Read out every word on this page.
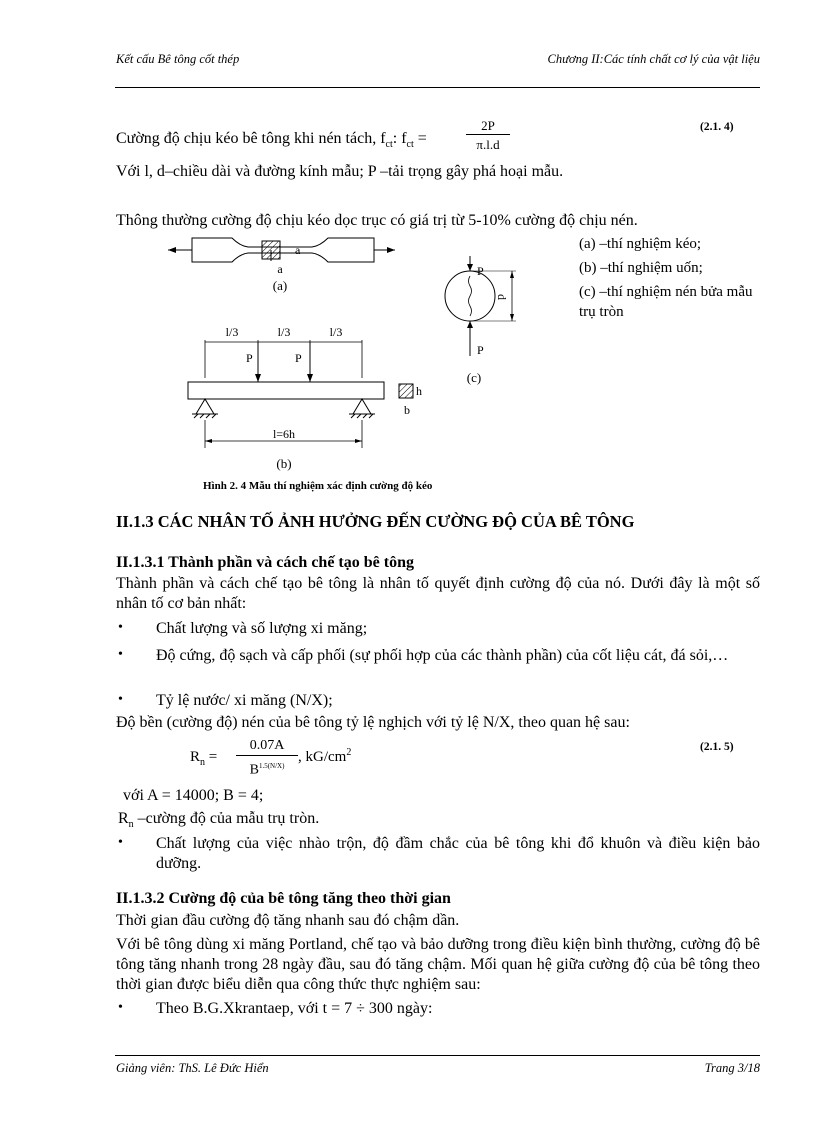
Kết cấu Bê tông cốt thép	Chương II:Các tính chất cơ lý của vật liệu
Cường độ chịu kéo bê tông khi nén tách, $f_{ct}$: $f_{ct}$ =
2P
π.l.d
(2.1. 4)
Với l, d–chiều dài và đường kính mẫu; P –tải trọng gây phá hoại mẫu.
Thông thường cường độ chịu kéo dọc trục có giá trị từ 5-10% cường độ chịu nén.
(a) –thí nghiệm kéo;
(b) –thí nghiệm uốn;
(c) –thí nghiệm nén bửa mẫu trụ tròn
a
a
(a)
l/3	l/3	l/3
P	P
h
b
l=6h
(b)
P
P
d
(c)
Hình 2. 4 Mẫu thí nghiệm xác định cường độ kéo
II.1.3 CÁC NHÂN TỐ ẢNH HƯỞNG ĐẾN CƯỜNG ĐỘ CỦA BÊ TÔNG
II.1.3.1 Thành phần và cách chế tạo bê tông
Thành phần và cách chế tạo bê tông là nhân tố quyết định cường độ của nó. Dưới đây là một số nhân tố cơ bản nhất:
• Chất lượng và số lượng xi măng;
• Độ cứng, độ sạch và cấp phối (sự phối hợp của các thành phần) của cốt liệu cát, đá sỏi,…
• Tỷ lệ nước/ xi măng (N/X);
Độ bền (cường độ) nén của bê tông tỷ lệ nghịch với tỷ lệ N/X, theo quan hệ sau:
$R_n$ =
0.07A
$B^{1.5(N/X)}$
, $kG/cm^2$	(2.1. 5)
với A = 14000; B = 4;
$R_n$ –cường độ của mẫu trụ tròn.
• Chất lượng của việc nhào trộn, độ đầm chắc của bê tông khi đổ khuôn và điều kiện bảo dưỡng.
II.1.3.2 Cường độ của bê tông tăng theo thời gian
Thời gian đầu cường độ tăng nhanh sau đó chậm dần.
Với bê tông dùng xi măng Portland, chế tạo và bảo dưỡng trong điều kiện bình thường, cường độ bê tông tăng nhanh trong 28 ngày đầu, sau đó tăng chậm. Mối quan hệ giữa cường độ của bê tông theo thời gian được biểu diễn qua công thức thực nghiệm sau:
• Theo B.G.Xkrantaep, với t = 7 ÷ 300 ngày:
Giảng viên: ThS. Lê Đức Hiển	Trang 3/18
